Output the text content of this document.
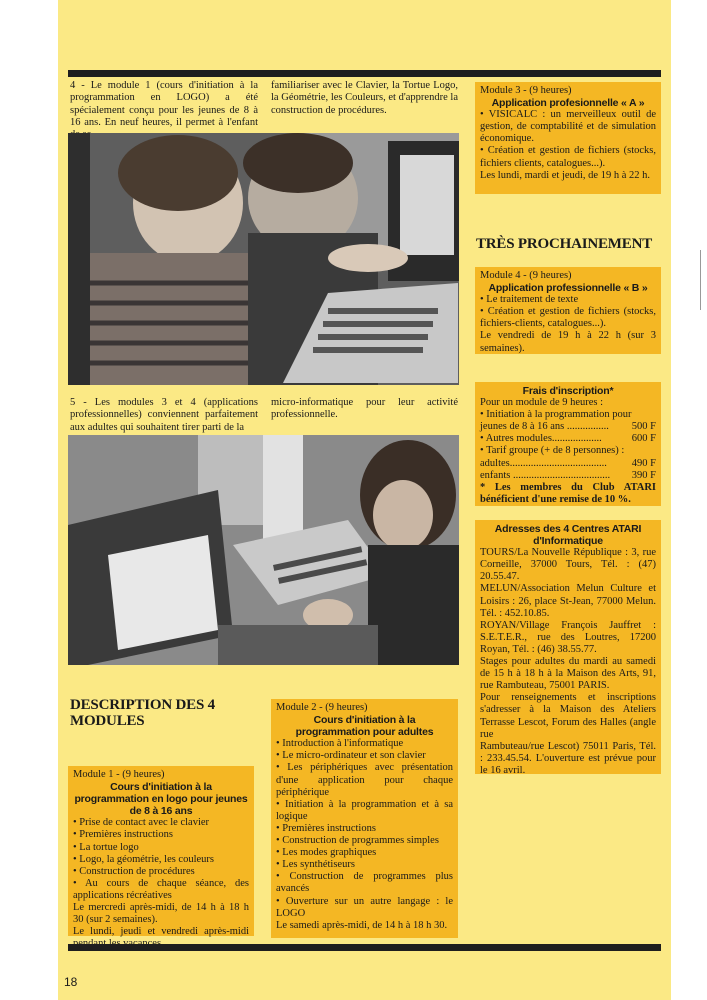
4 - Le module 1 (cours d'initiation à la programmation en LOGO) a été spécialement conçu pour les jeunes de 8 à 16 ans. En neuf heures, il permet à l'enfant
familiariser avec le Clavier, la Tortue Logo, la Géométrie, les Couleurs, et d'apprendre la construction de procédures.
Module 3 - (9 heures)
Application profesionnelle « A »
• VISICALC : un merveilleux outil de gestion, de comptabilité et de simulation économique.
• Création et gestion de fichiers (stocks, fichiers clients, catalogues...).
Les lundi, mardi et jeudi, de 19 h à 22 h.
TRÈS PROCHAINEMENT
Module 4 - (9 heures)
Application professionnelle « B »
• Le traitement de texte
• Création et gestion de fichiers (stocks, fichiers-clients, catalogues...).
Le vendredi de 19 h à 22 h (sur 3 semaines).
5 - Les modules 3 et 4 (applications professionnelles) conviennent parfaitement aux adultes qui souhaitent tirer parti de la
micro-informatique pour leur activité professionnelle.
Frais d'inscription*
Pour un module de 9 heures :
• Initiation à la programmation pour jeunes de 8 à 16 ans ................	500 F
• Autres modules...................	600 F
• Tarif groupe (+ de 8 personnes) :
adultes..................................... 490 F
enfants ..................................... 390 F
* Les membres du Club ATARI bénéficient d'une remise de 10 %.
Adresses des 4 Centres ATARI d'Informatique
TOURS/La Nouvelle République : 3, rue Corneille, 37000 Tours, Tél. : (47) 20.55.47.
MELUN/Association Melun Culture et Loisirs : 26, place St-Jean, 77000 Melun. Tél. : 452.10.85.
ROYAN/Village François Jauffret : S.E.T.E.R., rue des Loutres, 17200 Royan, Tél. : (46) 38.55.77.
Stages pour adultes du mardi au samedi de 15 h à 18 h à la Maison des Arts, 91, rue Rambuteau, 75001 PARIS.
Pour renseignements et inscriptions s'adresser à la Maison des Ateliers Terrasse Lescot, Forum des Halles (angle rue
Rambuteau/rue Lescot) 75011 Paris, Tél. : 233.45.54. L'ouverture est prévue pour le 16 avril.
DESCRIPTION DES 4 MODULES
Module 1 - (9 heures)
Cours d'initiation à la programmation en logo pour jeunes de 8 à 16 ans
• Prise de contact avec le clavier
• Premières instructions
• La tortue logo
• Logo, la géométrie, les couleurs
• Construction de procédures
• Au cours de chaque séance, des applications récréatives
Le mercredi après-midi, de 14 h à 18 h 30 (sur 2 semaines).
Le lundi, jeudi et vendredi après-midi
Module 2 - (9 heures)
Cours d'initiation à la programmation pour adultes
• Introduction à l'informatique
• Le micro-ordinateur et son clavier
• Les périphériques avec présentation d'une application pour chaque périphérique
• Initiation à la programmation et à sa logique
• Premières instructions
• Construction de programmes simples
• Les modes graphiques
• Les synthétiseurs
• Construction de programmes plus avancés
• Ouverture sur un autre langage : le LOGO
Le samedi après-midi, de 14 h à 18 h 30.
18
